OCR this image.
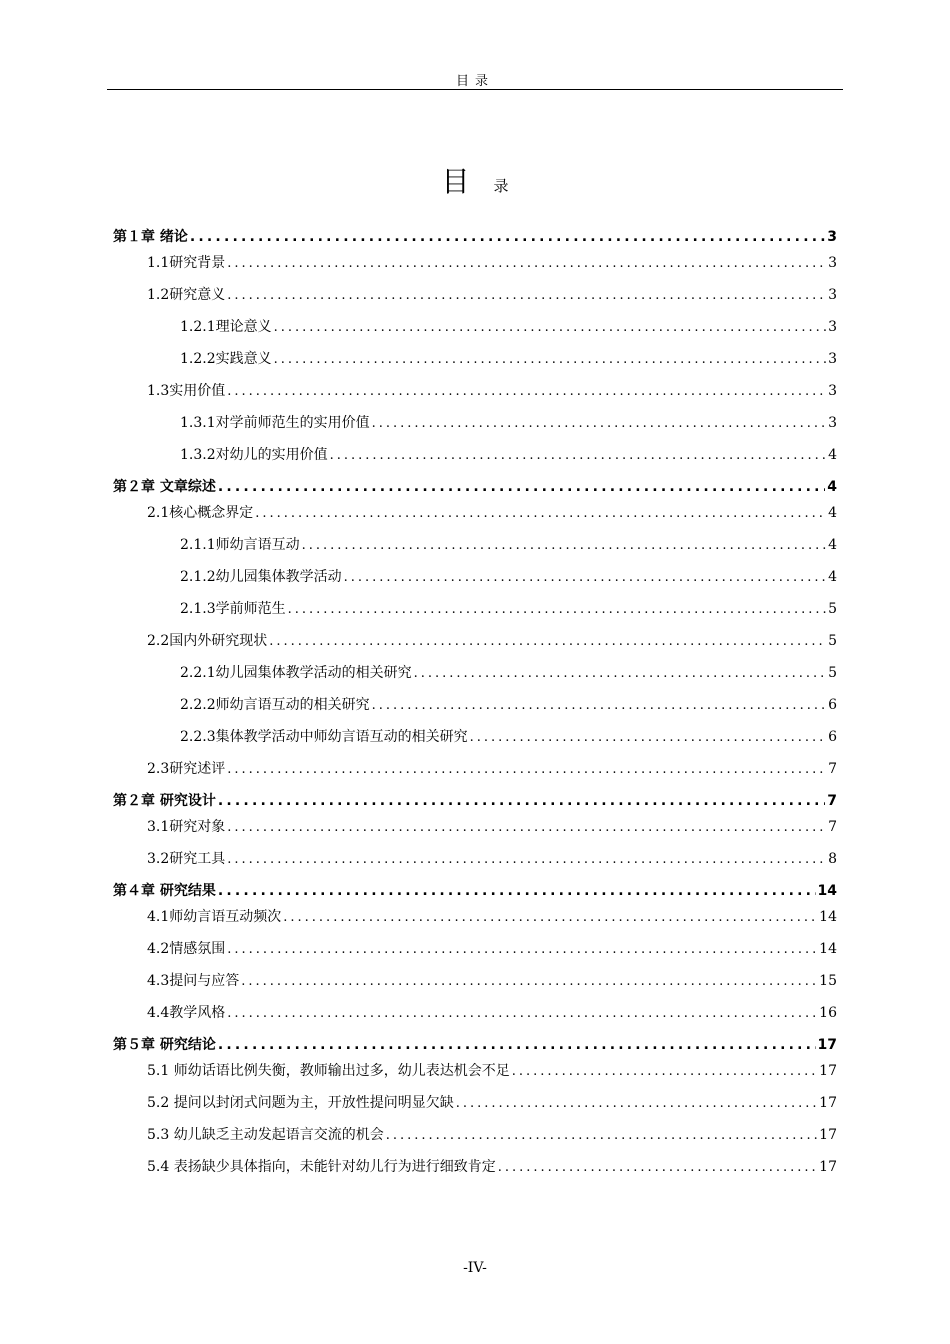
目录
目 录
第１章 绪论 .....	3
1.1研究背景 .....	3
1.2研究意义 .....	3
1.2.1理论意义 .....	3
1.2.2实践意义 .....	3
1.3实用价值 .....	3
1.3.1对学前师范生的实用价值 .....	3
1.3.2对幼儿的实用价值 .....	4
第２章 文章综述 .....	4
2.1核心概念界定 .....	4
2.1.1师幼言语互动 .....	4
2.1.2幼儿园集体教学活动 .....	4
2.1.3学前师范生 .....	5
2.2国内外研究现状 .....	5
2.2.1幼儿园集体教学活动的相关研究 .....	5
2.2.2师幼言语互动的相关研究 .....	6
2.2.3集体教学活动中师幼言语互动的相关研究 .....	6
2.3研究述评 .....	7
第２章 研究设计 .....	7
3.1研究对象 .....	7
3.2研究工具 .....	8
第４章 研究结果 .....	14
4.1师幼言语互动频次 .....	14
4.2情感氛围 .....	14
4.3提问与应答 .....	15
4.4教学风格 .....	16
第５章 研究结论 .....	17
5.1 师幼话语比例失衡，教师输出过多，幼儿表达机会不足 .....	17
5.2 提问以封闭式问题为主，开放性提问明显欠缺 .....	17
5.3 幼儿缺乏主动发起语言交流的机会 .....	17
5.4 表扬缺少具体指向，未能针对幼儿行为进行细致肯定 .....	17
-IV-
